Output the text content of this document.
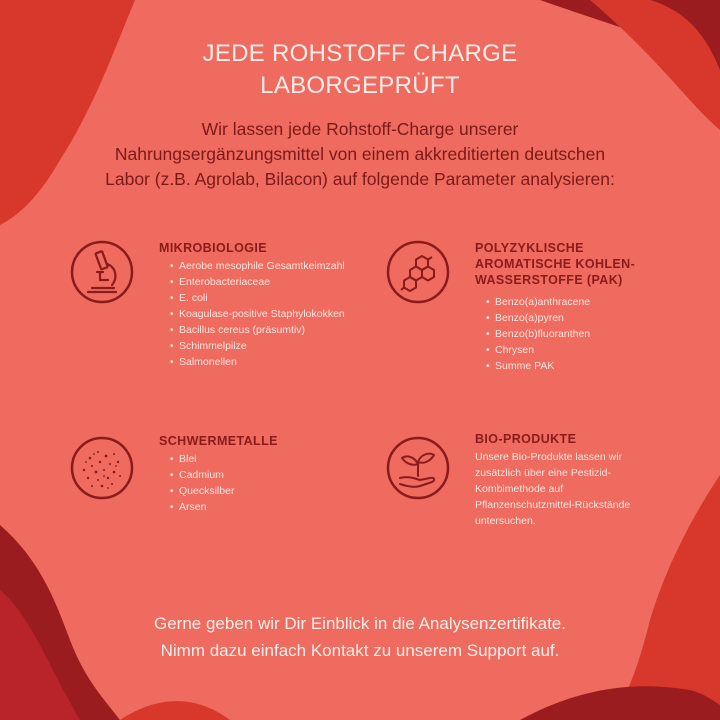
JEDE ROHSTOFF CHARGE
LABORGEPRÜFT
Wir lassen jede Rohstoff-Charge unserer
Nahrungsergänzungsmittel von einem akkreditierten deutschen
Labor (z.B. Agrolab, Bilacon) auf folgende Parameter analysieren:
MIKROBIOLOGIE
• Aerobe mesophile Gesamtkeimzahl
• Enterobacteriaceae
• E. coli
• Koagulase-positive Staphylokokken
• Bacillus cereus (präsumtiv)
• Schimmelpilze
• Salmonellen
POLYZYKLISCHE
AROMATISCHE KOHLEN-
WASSERSTOFFE (PAK)
• Benzo(a)anthracene
• Benzo(a)pyren
• Benzo(b)fluoranthen
• Chrysen
• Summe PAK
SCHWERMETALLE
• Blei
• Cadmium
• Quecksilber
• Arsen
BIO-PRODUKTE
Unsere Bio-Produkte lassen wir
zusätzlich über eine Pestizid-
Kombimethode auf
Pflanzenschutzmittel-Rückstände
untersuchen.
Gerne geben wir Dir Einblick in die Analysenzertifikate.
Nimm dazu einfach Kontakt zu unserem Support auf.
